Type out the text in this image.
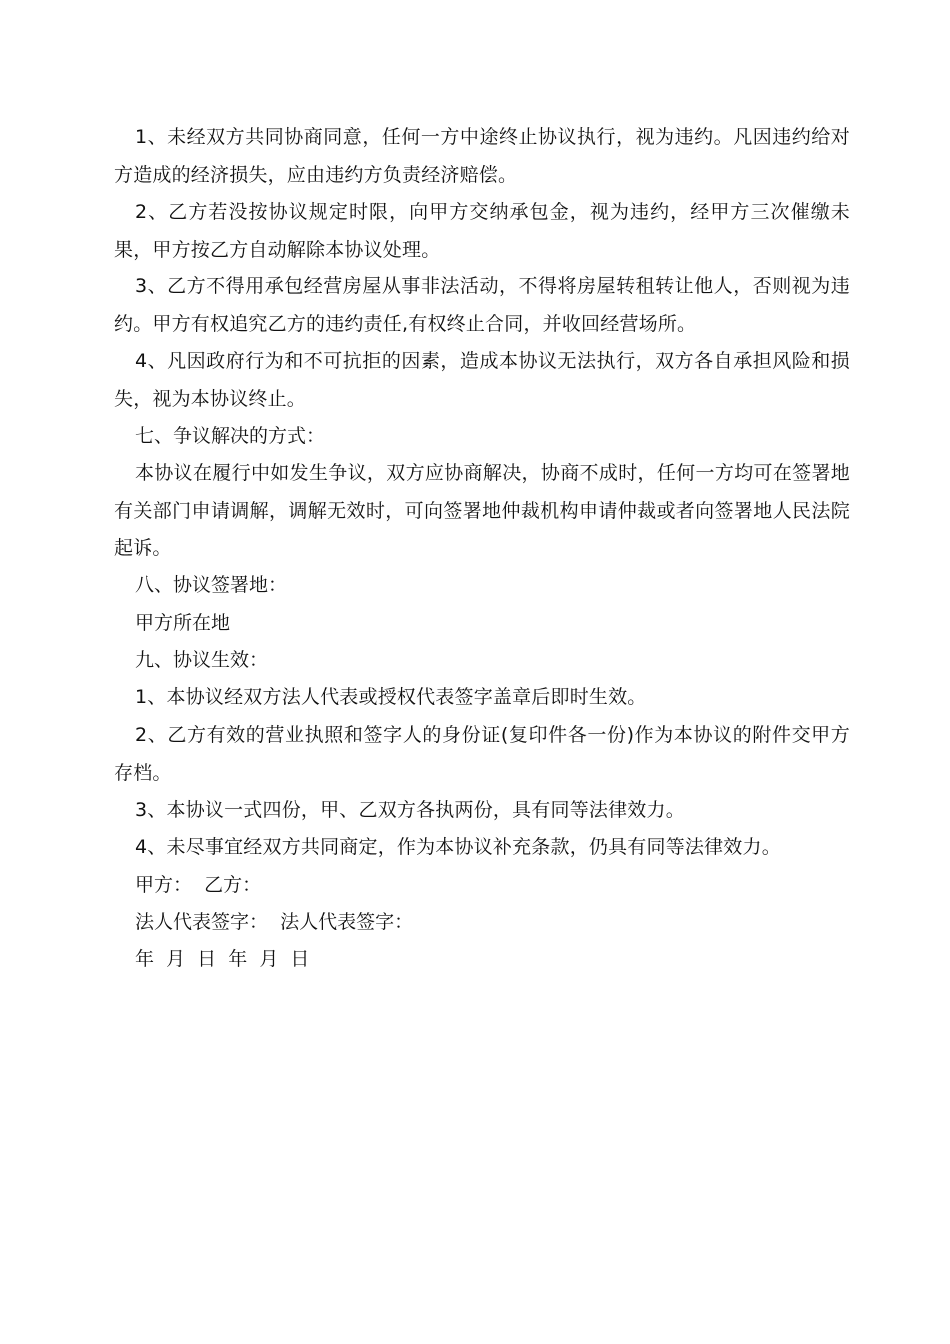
1、未经双方共同协商同意，任何一方中途终止协议执行，视为违约。凡因违约给对方造成的经济损失，应由违约方负责经济赔偿。

2、乙方若没按协议规定时限，向甲方交纳承包金，视为违约，经甲方三次催缴未果，甲方按乙方自动解除本协议处理。

3、乙方不得用承包经营房屋从事非法活动，不得将房屋转租转让他人，否则视为违约。甲方有权追究乙方的违约责任,有权终止合同，并收回经营场所。

4、凡因政府行为和不可抗拒的因素，造成本协议无法执行，双方各自承担风险和损失，视为本协议终止。

七、争议解决的方式：

本协议在履行中如发生争议，双方应协商解决，协商不成时，任何一方均可在签署地有关部门申请调解，调解无效时，可向签署地仲裁机构申请仲裁或者向签署地人民法院起诉。

八、协议签署地：

甲方所在地

九、协议生效：

1、本协议经双方法人代表或授权代表签字盖章后即时生效。

2、乙方有效的营业执照和签字人的身份证(复印件各一份)作为本协议的附件交甲方存档。

3、本协议一式四份，甲、乙双方各执两份，具有同等法律效力。

4、未尽事宜经双方共同商定，作为本协议补充条款，仍具有同等法律效力。

甲方：  乙方：

法人代表签字：  法人代表签字：

年  月  日  年  月  日
